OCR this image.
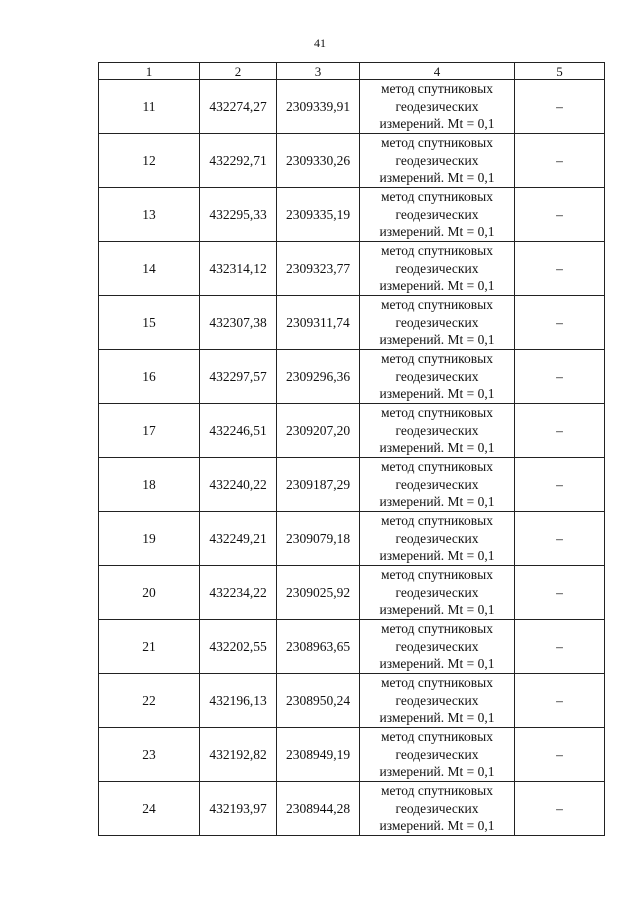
41
1	2	3	4	5
11	432274,27	2309339,91	метод спутниковых
геодезических
измерений. Mt = 0,1	–
12	432292,71	2309330,26	метод спутниковых
геодезических
измерений. Mt = 0,1	–
13	432295,33	2309335,19	метод спутниковых
геодезических
измерений. Mt = 0,1	–
14	432314,12	2309323,77	метод спутниковых
геодезических
измерений. Mt = 0,1	–
15	432307,38	2309311,74	метод спутниковых
геодезических
измерений. Mt = 0,1	–
16	432297,57	2309296,36	метод спутниковых
геодезических
измерений. Mt = 0,1	–
17	432246,51	2309207,20	метод спутниковых
геодезических
измерений. Mt = 0,1	–
18	432240,22	2309187,29	метод спутниковых
геодезических
измерений. Mt = 0,1	–
19	432249,21	2309079,18	метод спутниковых
геодезических
измерений. Mt = 0,1	–
20	432234,22	2309025,92	метод спутниковых
геодезических
измерений. Mt = 0,1	–
21	432202,55	2308963,65	метод спутниковых
геодезических
измерений. Mt = 0,1	–
22	432196,13	2308950,24	метод спутниковых
геодезических
измерений. Mt = 0,1	–
23	432192,82	2308949,19	метод спутниковых
геодезических
измерений. Mt = 0,1	–
24	432193,97	2308944,28	метод спутниковых
геодезических
измерений. Mt = 0,1	–
